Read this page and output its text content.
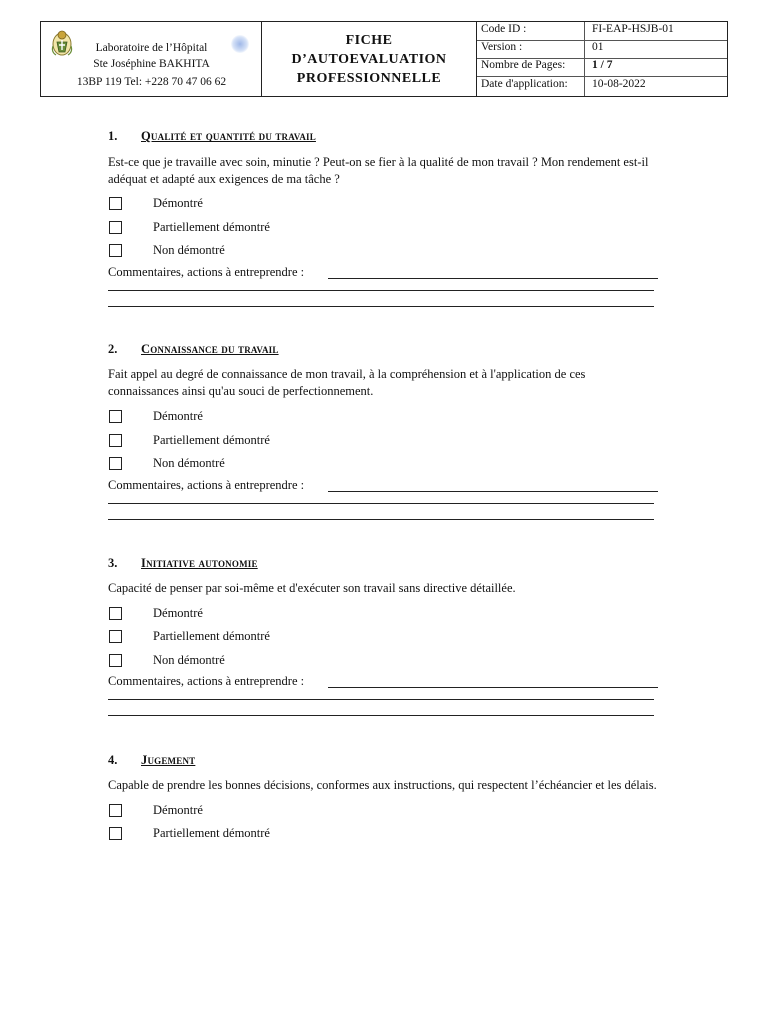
Laboratoire de l’Hôpital
Ste Joséphine BAKHITA
13BP 119 Tel: +228 70 47 06 62
FICHE
D’AUTOEVALUATION
PROFESSIONNELLE
Code ID :	FI-EAP-HSJB-01
Version :	01
Nombre de Pages: 1 / 7
Date d'application: 10-08-2022
1. Qualité et quantité du travail
Est-ce que je travaille avec soin, minutie ? Peut-on se fier à la qualité de mon travail ? Mon rendement est-il adéquat et adapté aux exigences de ma tâche ?
Démontré
Partiellement démontré
Non démontré
Commentaires, actions à entreprendre :
2. Connaissance du travail
Fait appel au degré de connaissance de mon travail, à la compréhension et à l'application de ces connaissances ainsi qu'au souci de perfectionnement.
Démontré
Partiellement démontré
Non démontré
Commentaires, actions à entreprendre :
3. Initiative autonomie
Capacité de penser par soi-même et d'exécuter son travail sans directive détaillée.
Démontré
Partiellement démontré
Non démontré
Commentaires, actions à entreprendre :
4. Jugement
Capable de prendre les bonnes décisions, conformes aux instructions, qui respectent l’échéancier et les délais.
Démontré
Partiellement démontré
